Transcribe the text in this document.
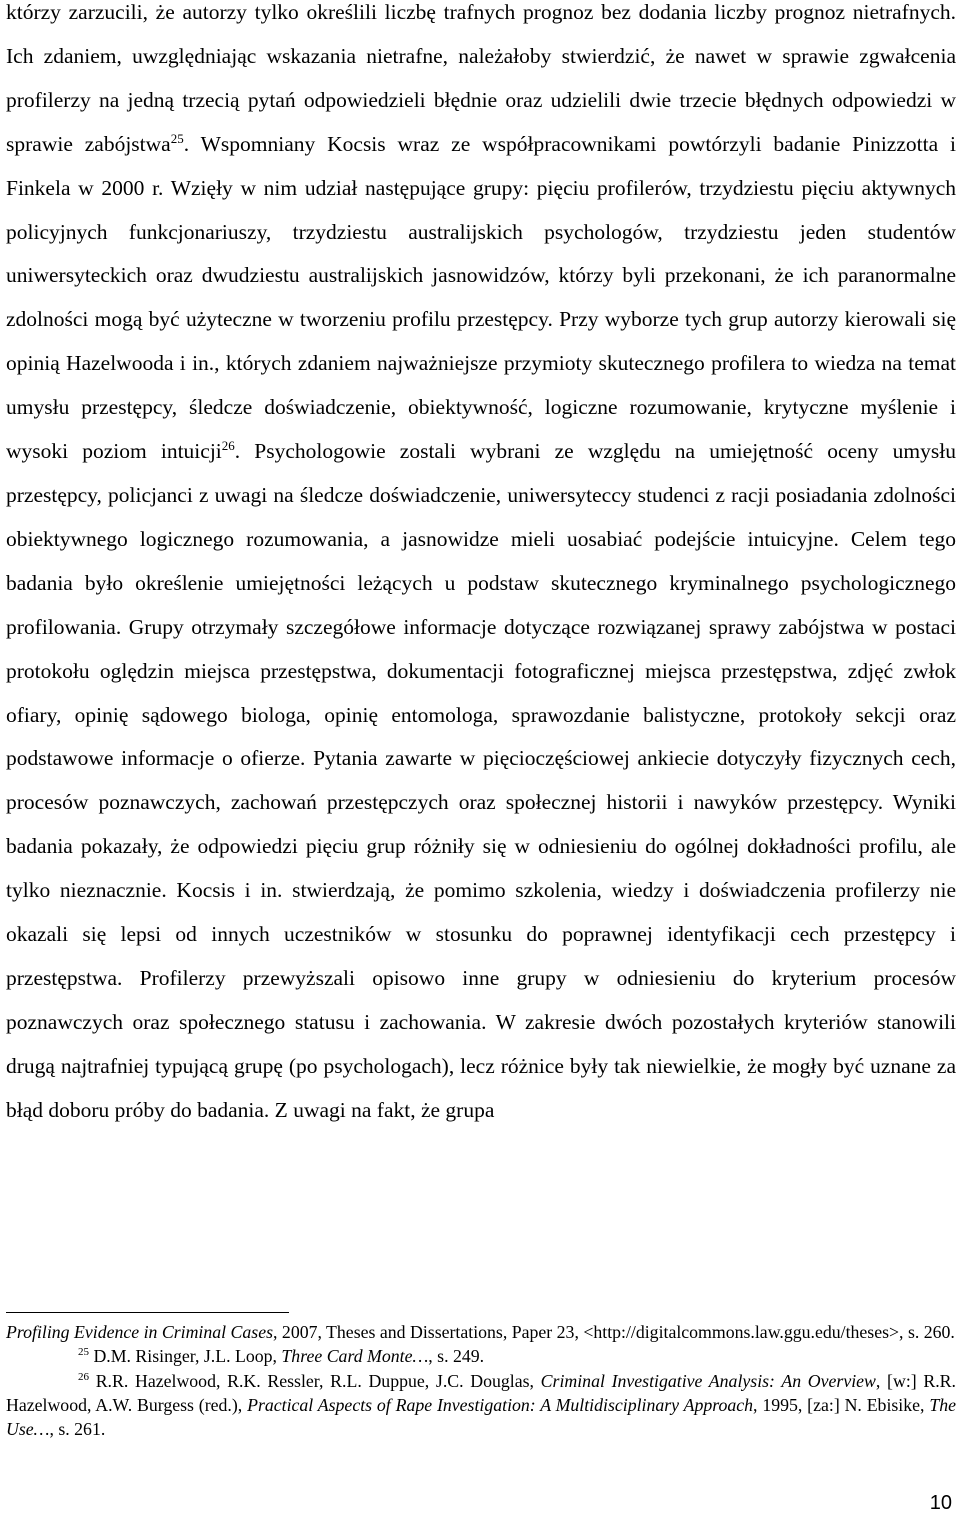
którzy zarzucili, że autorzy tylko określili liczbę trafnych prognoz bez dodania liczby prognoz nietrafnych. Ich zdaniem, uwzględniając wskazania nietrafne, należałoby stwierdzić, że nawet w sprawie zgwałcenia profilerzy na jedną trzecią pytań odpowiedzieli błędnie oraz udzielili dwie trzecie błędnych odpowiedzi w sprawie zabójstwa$^{25}$. Wspomniany Kocsis wraz ze współpracownikami powtórzyli badanie Pinizzotta i Finkela w 2000 r. Wzięły w nim udział następujące grupy: pięciu profilerów, trzydziestu pięciu aktywnych policyjnych funkcjonariuszy, trzydziestu australijskich psychologów, trzydziestu jeden studentów uniwersyteckich oraz dwudziestu australijskich jasnowidzów, którzy byli przekonani, że ich paranormalne zdolności mogą być użyteczne w tworzeniu profilu przestępcy. Przy wyborze tych grup autorzy kierowali się opinią Hazelwooda i in., których zdaniem najważniejsze przymioty skutecznego profilera to wiedza na temat umysłu przestępcy, śledcze doświadczenie, obiektywność, logiczne rozumowanie, krytyczne myślenie i wysoki poziom intuicji$^{26}$. Psychologowie zostali wybrani ze względu na umiejętność oceny umysłu przestępcy, policjanci z uwagi na śledcze doświadczenie, uniwersyteccy studenci z racji posiadania zdolności obiektywnego logicznego rozumowania, a jasnowidze mieli uosabiać podejście intuicyjne. Celem tego badania było określenie umiejętności leżących u podstaw skutecznego kryminalnego psychologicznego profilowania. Grupy otrzymały szczegółowe informacje dotyczące rozwiązanej sprawy zabójstwa w postaci protokołu oględzin miejsca przestępstwa, dokumentacji fotograficznej miejsca przestępstwa, zdjęć zwłok ofiary, opinię sądowego biologa, opinię entomologa, sprawozdanie balistyczne, protokoły sekcji oraz podstawowe informacje o ofierze. Pytania zawarte w pięcioczęściowej ankiecie dotyczyły fizycznych cech, procesów poznawczych, zachowań przestępczych oraz społecznej historii i nawyków przestępcy. Wyniki badania pokazały, że odpowiedzi pięciu grup różniły się w odniesieniu do ogólnej dokładności profilu, ale tylko nieznacznie. Kocsis i in. stwierdzają, że pomimo szkolenia, wiedzy i doświadczenia profilerzy nie okazali się lepsi od innych uczestników w stosunku do poprawnej identyfikacji cech przestępcy i przestępstwa. Profilerzy przewyższali opisowo inne grupy w odniesieniu do kryterium procesów poznawczych oraz społecznego statusu i zachowania. W zakresie dwóch pozostałych kryteriów stanowili drugą najtrafniej typującą grupę (po psychologach), lecz różnice były tak niewielkie, że mogły być uznane za błąd doboru próby do badania. Z uwagi na fakt, że grupa

Profiling Evidence in Criminal Cases, 2007, Theses and Dissertations, Paper 23, <http://digitalcommons.law.ggu.edu/theses>, s. 260.

$^{25}$ D.M. Risinger, J.L. Loop, Three Card Monte…, s. 249.

$^{26}$ R.R. Hazelwood, R.K. Ressler, R.L. Duppue, J.C. Douglas, Criminal Investigative Analysis: An Overview, [w:] R.R. Hazelwood, A.W. Burgess (red.), Practical Aspects of Rape Investigation: A Multidisciplinary Approach, 1995, [za:] N. Ebisike, The Use…, s. 261.

10
